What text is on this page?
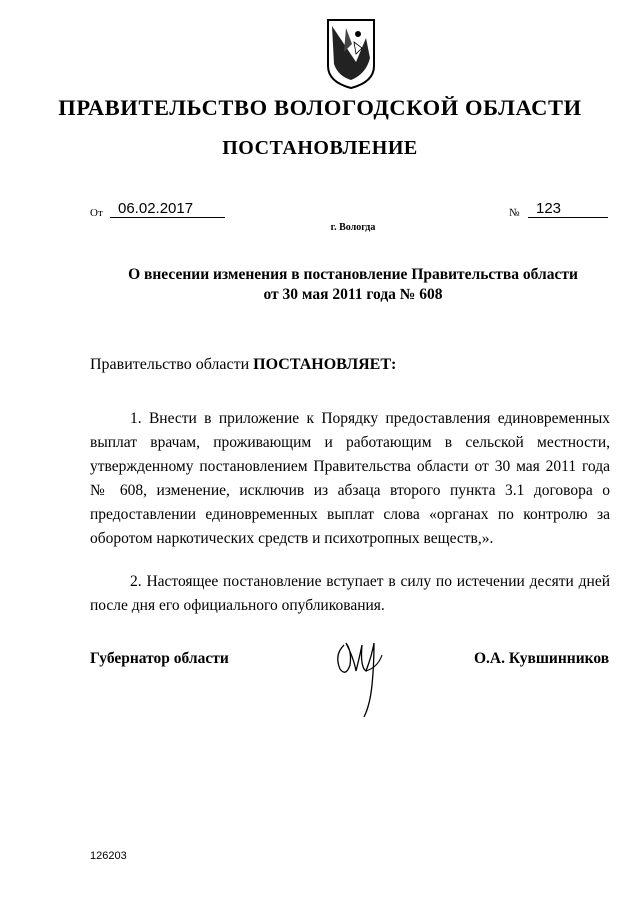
ПРАВИТЕЛЬСТВО ВОЛОГОДСКОЙ ОБЛАСТИ
ПОСТАНОВЛЕНИЕ
От	06.02.2017	№	123
г. Вологда
О внесении изменения в постановление Правительства области
от 30 мая 2011 года № 608
Правительство области ПОСТАНОВЛЯЕТ:

1. Внести в приложение к Порядку предоставления единовременных выплат врачам, проживающим и работающим в сельской местности, утвержденному постановлением Правительства области от 30 мая 2011 года № 608, изменение, исключив из абзаца второго пункта 3.1 договора о предоставлении единовременных выплат слова «органах по контролю за оборотом наркотических средств и психотропных веществ,».

2. Настоящее постановление вступает в силу по истечении десяти дней после дня его официального опубликования.

Губернатор области	О.А. Кувшинников
126203
